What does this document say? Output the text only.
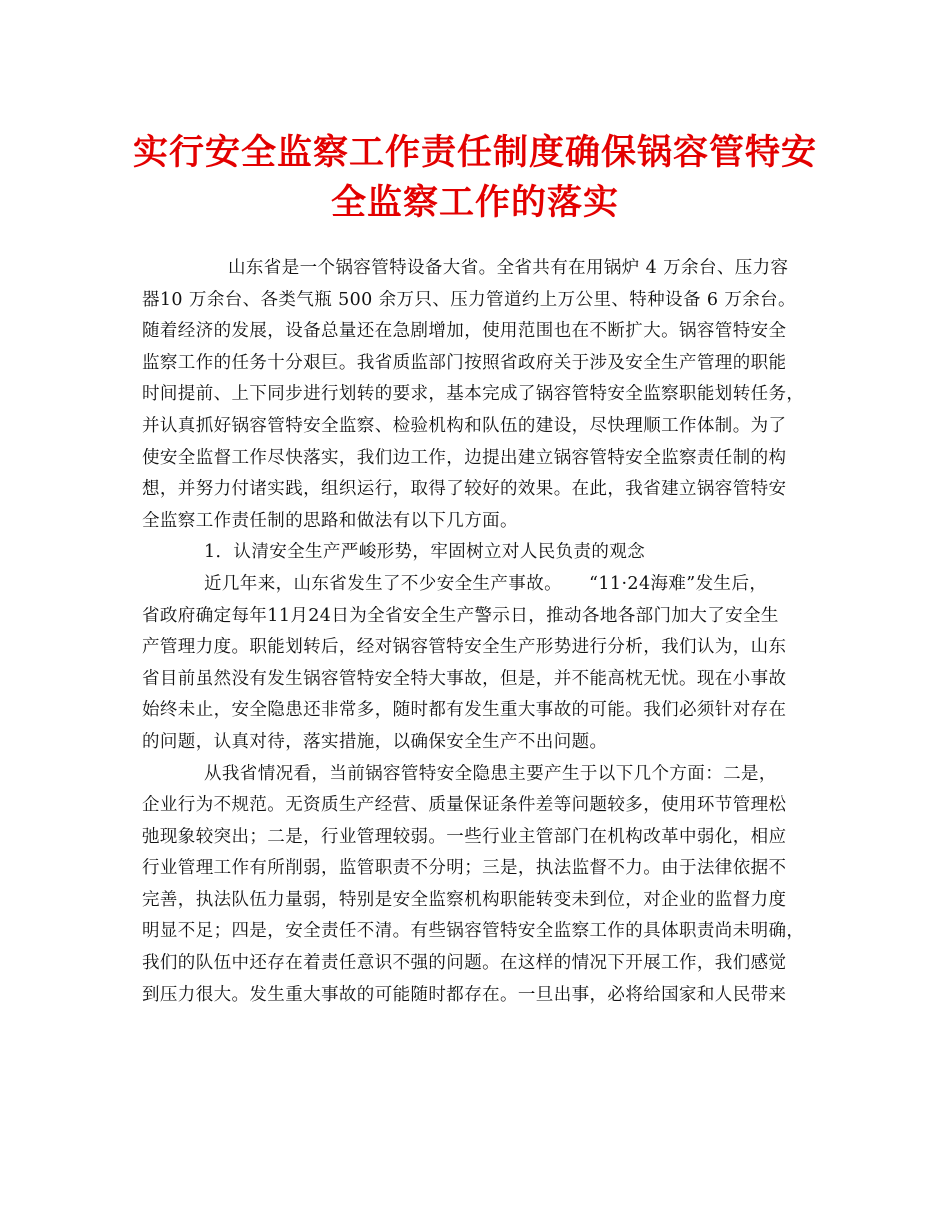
实行安全监察工作责任制度确保锅容管特安
全监察工作的落实
山东省是一个锅容管特设备大省。全省共有在用锅炉 4 万余台、压力容
器10 万余台、各类气瓶 500 余万只、压力管道约上万公里、特种设备 6 万余台。
随着经济的发展，设备总量还在急剧增加，使用范围也在不断扩大。锅容管特安全
监察工作的任务十分艰巨。我省质监部门按照省政府关于涉及安全生产管理的职能
时间提前、上下同步进行划转的要求，基本完成了锅容管特安全监察职能划转任务，
并认真抓好锅容管特安全监察、检验机构和队伍的建设，尽快理顺工作体制。为了
使安全监督工作尽快落实，我们边工作，边提出建立锅容管特安全监察责任制的构
想，并努力付诸实践，组织运行，取得了较好的效果。在此，我省建立锅容管特安
全监察工作责任制的思路和做法有以下几方面。
1．认清安全生产严峻形势，牢固树立对人民负责的观念
近几年来，山东省发生了不少安全生产事故。　　“11·24海难”发生后，
省政府确定每年11月24日为全省安全生产警示日，推动各地各部门加大了安全生
产管理力度。职能划转后，经对锅容管特安全生产形势进行分析，我们认为，山东
省目前虽然没有发生锅容管特安全特大事故，但是，并不能高枕无忧。现在小事故
始终未止，安全隐患还非常多，随时都有发生重大事故的可能。我们必须针对存在
的问题，认真对待，落实措施，以确保安全生产不出问题。
从我省情况看，当前锅容管特安全隐患主要产生于以下几个方面：二是，
企业行为不规范。无资质生产经营、质量保证条件差等问题较多，使用环节管理松
弛现象较突出；二是，行业管理较弱。一些行业主管部门在机构改革中弱化，相应
行业管理工作有所削弱，监管职责不分明；三是，执法监督不力。由于法律依据不
完善，执法队伍力量弱，特别是安全监察机构职能转变未到位，对企业的监督力度
明显不足；四是，安全责任不清。有些锅容管特安全监察工作的具体职责尚未明确，
我们的队伍中还存在着责任意识不强的问题。在这样的情况下开展工作，我们感觉
到压力很大。发生重大事故的可能随时都存在。一旦出事，必将给国家和人民带来
